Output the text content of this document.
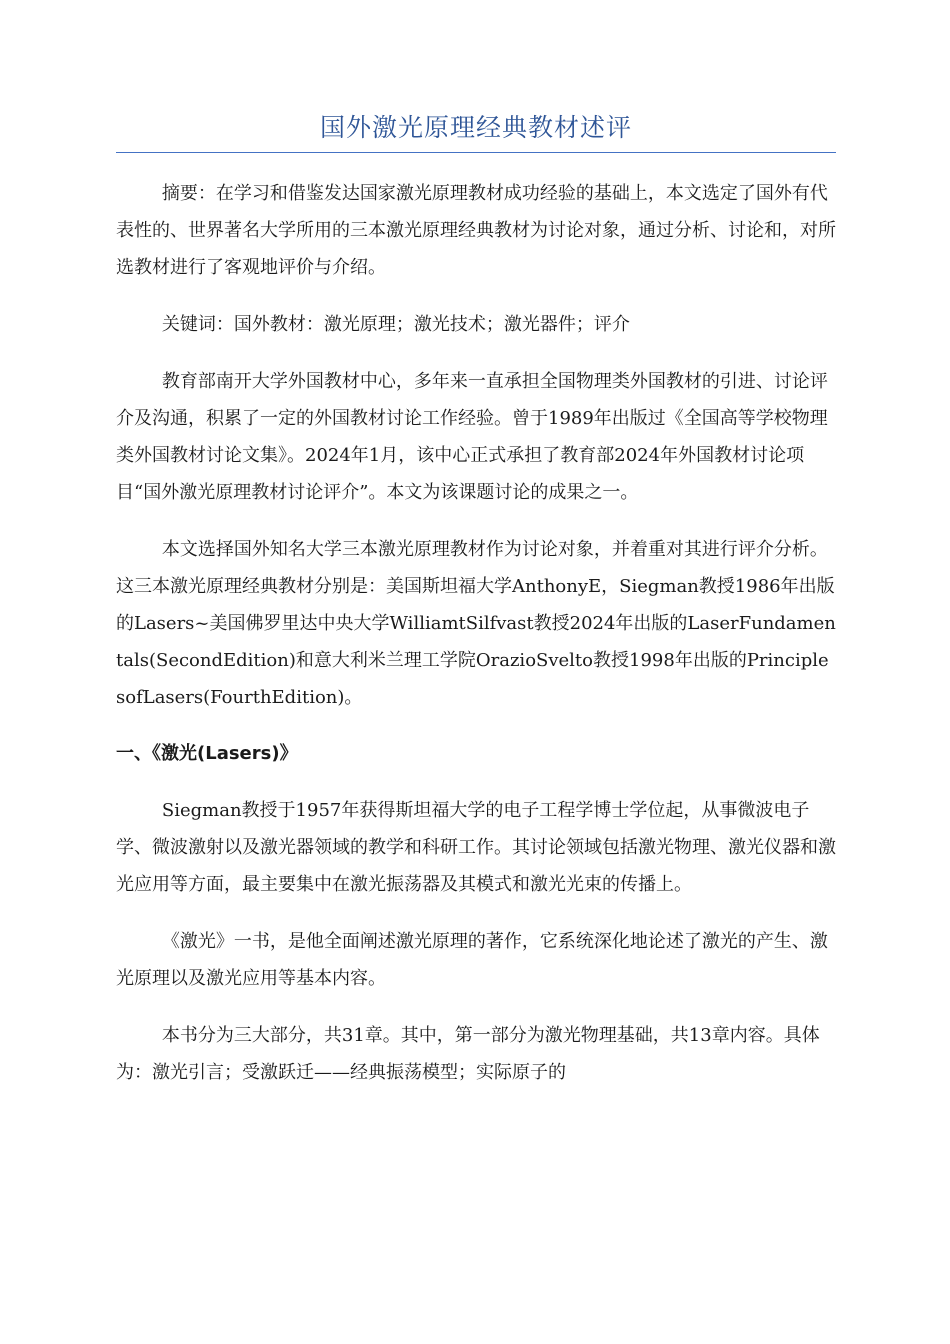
国外激光原理经典教材述评

摘要：在学习和借鉴发达国家激光原理教材成功经验的基础上，本文选定了国外有代表性的、世界著名大学所用的三本激光原理经典教材为讨论对象，通过分析、讨论和，对所选教材进行了客观地评价与介绍。

关键词：国外教材：激光原理；激光技术；激光器件；评介

教育部南开大学外国教材中心，多年来一直承担全国物理类外国教材的引进、讨论评介及沟通，积累了一定的外国教材讨论工作经验。曾于1989年出版过《全国高等学校物理类外国教材讨论文集》。2024年1月，该中心正式承担了教育部2024年外国教材讨论项目“国外激光原理教材讨论评介”。本文为该课题讨论的成果之一。

本文选择国外知名大学三本激光原理教材作为讨论对象，并着重对其进行评介分析。这三本激光原理经典教材分别是：美国斯坦福大学AnthonyE，Siegman教授1986年出版的Lasers~美国佛罗里达中央大学WilliamtSilfvast教授2024年出版的LaserFundamentals(SecondEdition)和意大利米兰理工学院OrazioSvelto教授1998年出版的PrinciplesofLasers(FourthEdition)。

一、《激光(Lasers)》

Siegman教授于1957年获得斯坦福大学的电子工程学博士学位起，从事微波电子学、微波激射以及激光器领域的教学和科研工作。其讨论领域包括激光物理、激光仪器和激光应用等方面，最主要集中在激光振荡器及其模式和激光光束的传播上。

《激光》一书，是他全面阐述激光原理的著作，它系统深化地论述了激光的产生、激光原理以及激光应用等基本内容。

本书分为三大部分，共31章。其中，第一部分为激光物理基础，共13章内容。具体为：激光引言；受激跃迁——经典振荡模型；实际原子的
